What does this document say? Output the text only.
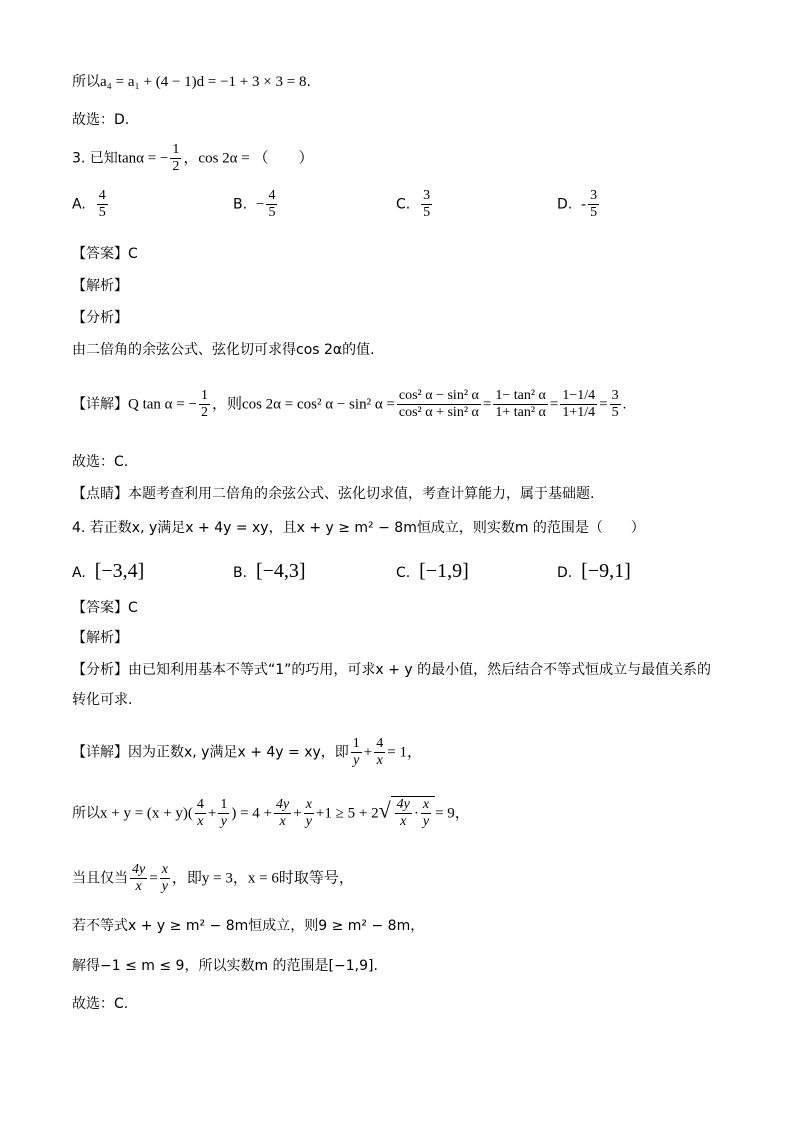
所以a₄ = a₁ + (4 − 1)d = −1 + 3 × 3 = 8.
故选：D.
3. 已知tanα = − $\frac{1}{2}$ ，cos 2α = （　　）
A. $\frac{4}{5}$	B. − $\frac{4}{5}$	C. $\frac{3}{5}$	D. - $\frac{3}{5}$
【答案】C
【解析】
【分析】
由二倍角的余弦公式、弦化切可求得cos 2α的值.
【详解】Q tan α = − $\frac{1}{2}$ ，则cos 2α = cos² α − sin² $\alpha = \frac{\text{cos² α − sin² α}}{\text{cos² α + sin² α}} = \frac{\text{1− tan² α}}{\text{1+ tan² α}} = \frac{1-1/4}{1+1/4} = \frac{3}{5}$ .
故选：C.
【点睛】本题考查利用二倍角的余弦公式、弦化切求值，考查计算能力，属于基础题.
4. 若正数x, y满足x + 4y = xy，且x + y ≥ m² − 8m恒成立，则实数m 的范围是（　　）
A. [−3,4]	B. [−4,3]	C. [−1,9]	D. [−9,1]
【答案】C
【解析】
【分析】由已知利用基本不等式“1”的巧用，可求x + y 的最小值，然后结合不等式恒成立与最值关系的
转化可求.
【详解】因为正数x, y满足x + 4y = xy，即 $\frac{1}{y} + \frac{4}{x} = 1$，
所以$x + y = (x + y)( \frac{4}{x} + \frac{1}{y}$ ) = $4 + \frac{4y}{x} + \frac{x}{y} +1 \ge 5 + 2√ \frac{4y}{x} \cdot \frac{x}{y} = 9$，
当且仅当 $\frac{4y}{x} = \frac{x}{y}$ ，即y = 3，x = 6时取等号，
若不等式x + y ≥ m² − 8m恒成立，则9 ≥ m² − 8m，
解得−1 ≤ m ≤ 9，所以实数m 的范围是[−1,9].
故选：C.
